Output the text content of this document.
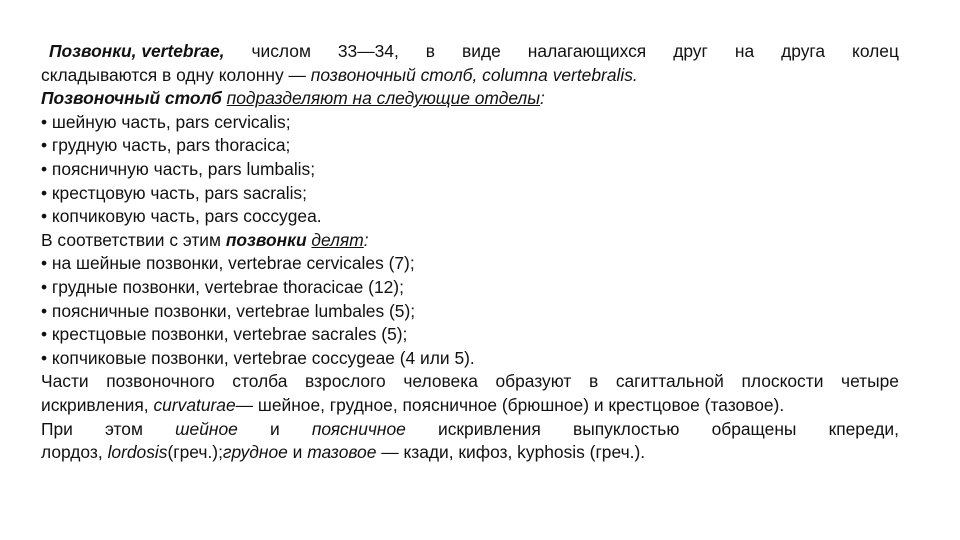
Позвонки, vertebrae, числом 33—34, в виде налагающихся друг на друга колец
складываются в одну колонну — позвоночный столб, columna vertebralis.
Позвоночный столб подразделяют на следующие отделы:
• шейную часть, pars cervicalis;
• грудную часть, pars thoracica;
• поясничную часть, pars lumbalis;
• крестцовую часть, pars sacralis;
• копчиковую часть, pars coccygea.
В соответствии с этим позвонки делят:
• на шейные позвонки, vertebrae cervicales (7);
• грудные позвонки, vertebrae thoracicae (12);
• поясничные позвонки, vertebrae lumbales (5);
• крестцовые позвонки, vertebrae sacrales (5);
• копчиковые позвонки, vertebrae coccygeae (4 или 5).
Части позвоночного столба взрослого человека образуют в сагиттальной плоскости четыре
искривления, curvaturae— шейное, грудное, поясничное (брюшное) и крестцовое (тазовое).
При этом шейное и поясничное искривления выпуклостью обращены кпереди,
лордоз, lordosis(греч.);грудное и тазовое — кзади, кифоз, kyphosis (греч.).
